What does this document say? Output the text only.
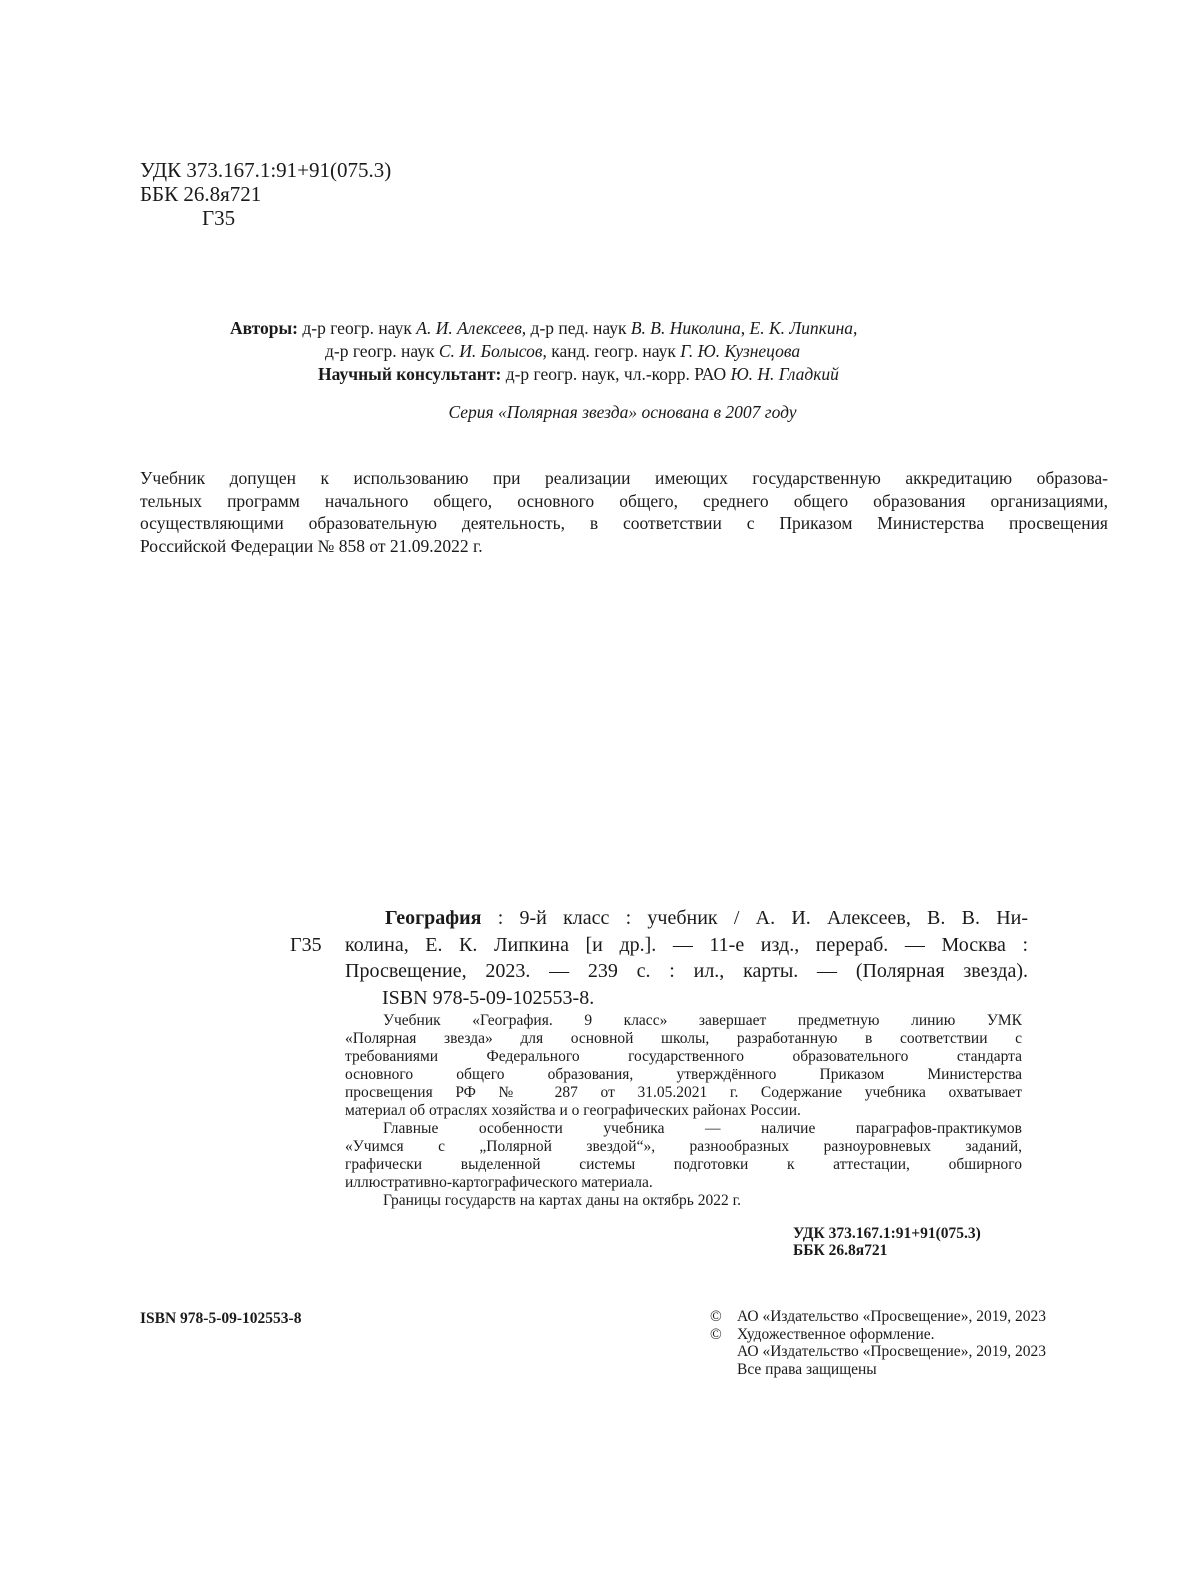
УДК 373.167.1:91+91(075.3)
ББК 26.8я721
Г35
Авторы: д-р геогр. наук А. И. Алексеев, д-р пед. наук В. В. Николина, Е. К. Липкина,
д-р геогр. наук С. И. Болысов, канд. геогр. наук Г. Ю. Кузнецова
Научный консультант: д-р геогр. наук, чл.-корр. РАО Ю. Н. Гладкий
Серия «Полярная звезда» основана в 2007 году
Учебник допущен к использованию при реализации имеющих государственную аккредитацию образова-
тельных программ начального общего, основного общего, среднего общего образования организациями,
осуществляющими образовательную деятельность, в соответствии с Приказом Министерства просвещения
Российской Федерации № 858 от 21.09.2022 г.
География : 9-й класс : учебник / А. И. Алексеев, В. В. Ни-
Г35	колина, Е. К. Липкина [и др.]. — 11-е изд., перераб. — Москва :
Просвещение, 2023. — 239 с. : ил., карты. — (Полярная звезда).
ISBN 978-5-09-102553-8.
Учебник «География. 9 класс» завершает предметную линию УМК
«Полярная звезда» для основной школы, разработанную в соответствии с
требованиями Федерального государственного образовательного стандарта
основного общего образования, утверждённого Приказом Министерства
просвещения РФ № 287 от 31.05.2021 г. Содержание учебника охватывает
материал об отраслях хозяйства и о географических районах России.
Главные особенности учебника — наличие параграфов-практикумов
«Учимся с „Полярной звездой“», разнообразных разноуровневых заданий,
графически выделенной системы подготовки к аттестации, обширного
иллюстративно-картографического материала.
Границы государств на картах даны на октябрь 2022 г.
УДК 373.167.1:91+91(075.3)
ББК 26.8я721
ISBN 978-5-09-102553-8	© АО «Издательство «Просвещение», 2019, 2023
© Художественное оформление.
АО «Издательство «Просвещение», 2019, 2023
Все права защищены
